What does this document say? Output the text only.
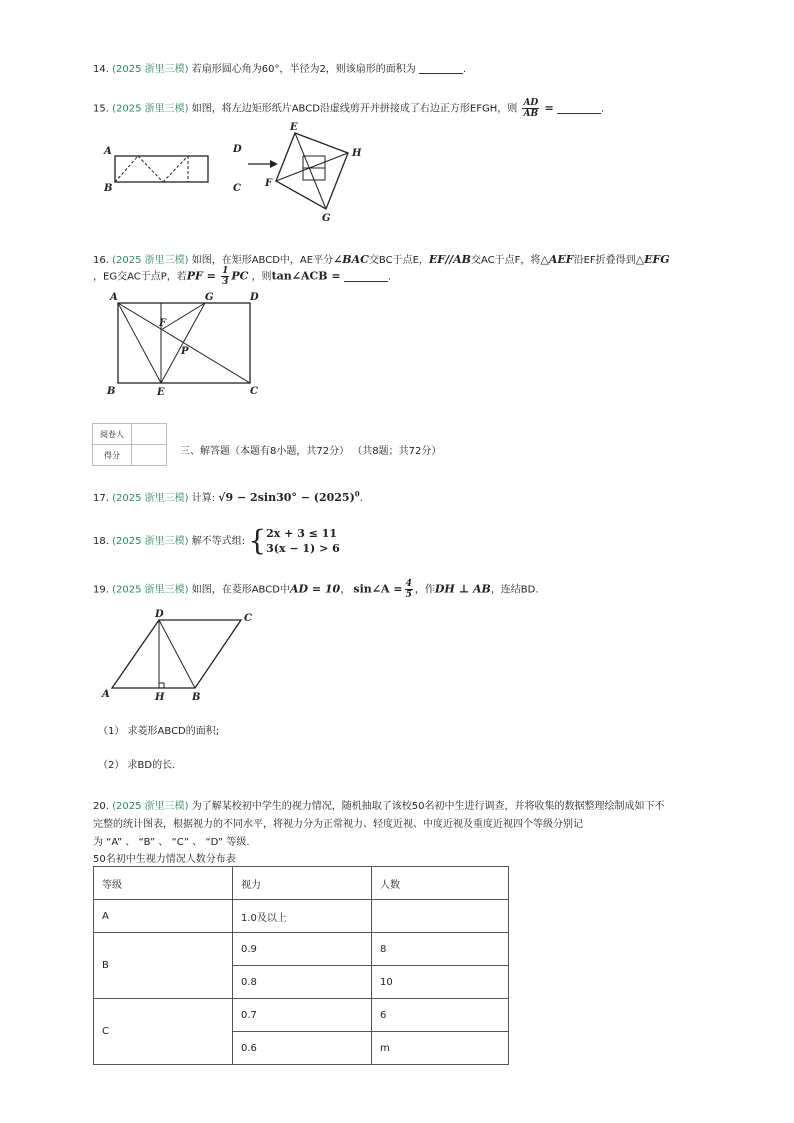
14. (2025 浙里三模) 若扇形圆心角为60°，半径为2，则该扇形的面积为	.
15. (2025 浙里三模) 如图，将左边矩形纸片ABCD沿虚线剪开并拼接成了右边正方形EFGH，则 $\frac{AD}{AB}$ =	.
A
B
D
C
E
H
F
G
16. (2025 浙里三模) 如图，在矩形ABCD中，AE平分∠BAC交BC于点E，EF//AB交AC于点F，将△AEF沿EF折叠得到△EFG
，EG交AC于点P，若PF = $\frac{1}{3}$ PC ，则tan∠ACB =	.
A	G	D
F
P
B	E	C
阅卷人	
得分		三、解答题（本题有8小题，共72分） （共8题；共72分）
17. (2025 浙里三模) 计算: $√9 - 2\sin 30^\circ - (2025)^0$.
18. (2025 浙里三模) 解不等式组: { 2x + 3 ≤ 11
3(x − 1) > 6
19. (2025 浙里三模) 如图，在菱形ABCD中AD = 10， sin∠A = $\frac{4}{5}$ ，作DH ⊥ AB，连结BD.
D	C
A	H	B
（1） 求菱形ABCD的面积;
（2） 求BD的长.
20. (2025 浙里三模) 为了解某校初中学生的视力情况，随机抽取了该校50名初中生进行调查，并将收集的数据整理绘制成如下不
完整的统计图表，根据视力的不同水平，将视力分为正常视力、轻度近视、中度近视及重度近视四个等级分别记
为 “A” 、 “B” 、 “C” 、 “D” 等级.
50名初中生视力情况人数分布表
等级	视力	人数
A	1.0及以上	
B	0.9	8
	0.8	10
C	0.7	6
	0.6	m
